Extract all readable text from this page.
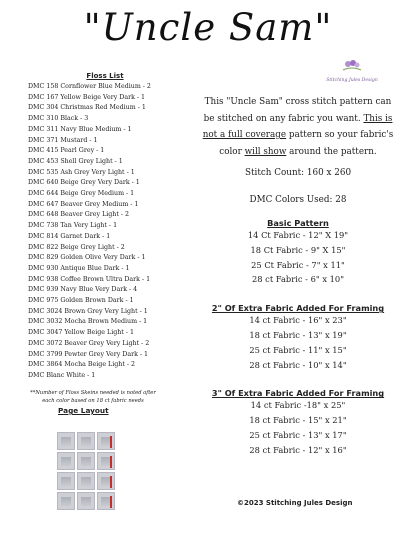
"Uncle Sam"
Stitching Jules Design
Floss List
DMC 158 Cornflower Blue Medium - 2
DMC 167 Yellow Beige Very Dark - 1
DMC 304 Christmas Red Medium - 1
DMC 310 Black - 3
DMC 311 Navy Blue Medium - 1
DMC 371 Mustard - 1
DMC 415 Pearl Grey - 1
DMC 453 Shell Grey Light - 1
DMC 535 Ash Grey Very Light - 1
DMC 640 Beige Grey Very Dark - 1
DMC 644 Beige Grey Medium - 1
DMC 647 Beaver Grey Medium - 1
DMC 648 Beaver Grey Light - 2
DMC 738 Tan Very Light - 1
DMC 814 Garnet Dark - 1
DMC 822 Beige Grey Light - 2
DMC 829 Golden Olive Very Dark - 1
DMC 930 Antique Blue Dark - 1
DMC 938 Coffee Brown Ultra Dark - 1
DMC 939 Navy Blue Very Dark - 4
DMC 975 Golden Brown Dark - 1
DMC 3024 Brown Grey Very Light - 1
DMC 3032 Mocha Brown Medium - 1
DMC 3047 Yellow Beige Light - 1
DMC 3072 Beaver Grey Very Light - 2
DMC 3799 Pewter Grey Very Dark - 1
DMC 3864 Mocha Beige Light - 2
DMC Blanc White - 1
**Number of Floss Skeins needed is noted after each color based on 18 ct fabric needs
Page Layout
This "Uncle Sam" cross stitch pattern can be stitched on any fabric you want. This is not a full coverage pattern so your fabric's color will show around the pattern.
Stitch Count: 160 x 260
DMC Colors Used: 28
Basic Pattern
14 Ct Fabric - 12" X 19"
18 Ct Fabric - 9" X 15"
25 Ct Fabric - 7" x 11"
28 ct Fabric - 6" x 10"
2" Of Extra Fabric Added For Framing
14 ct Fabric - 16" x 23"
18 ct Fabric - 13" x 19"
25 ct Fabric - 11" x 15"
28 ct Fabric - 10" x 14"
3" Of Extra Fabric Added For Framing
14 ct Fabric -18" x 25"
18 ct Fabric - 15" x 21"
25 ct Fabric - 13" x 17"
28 ct Fabric - 12" x 16"
©2023 Stitching Jules Design
